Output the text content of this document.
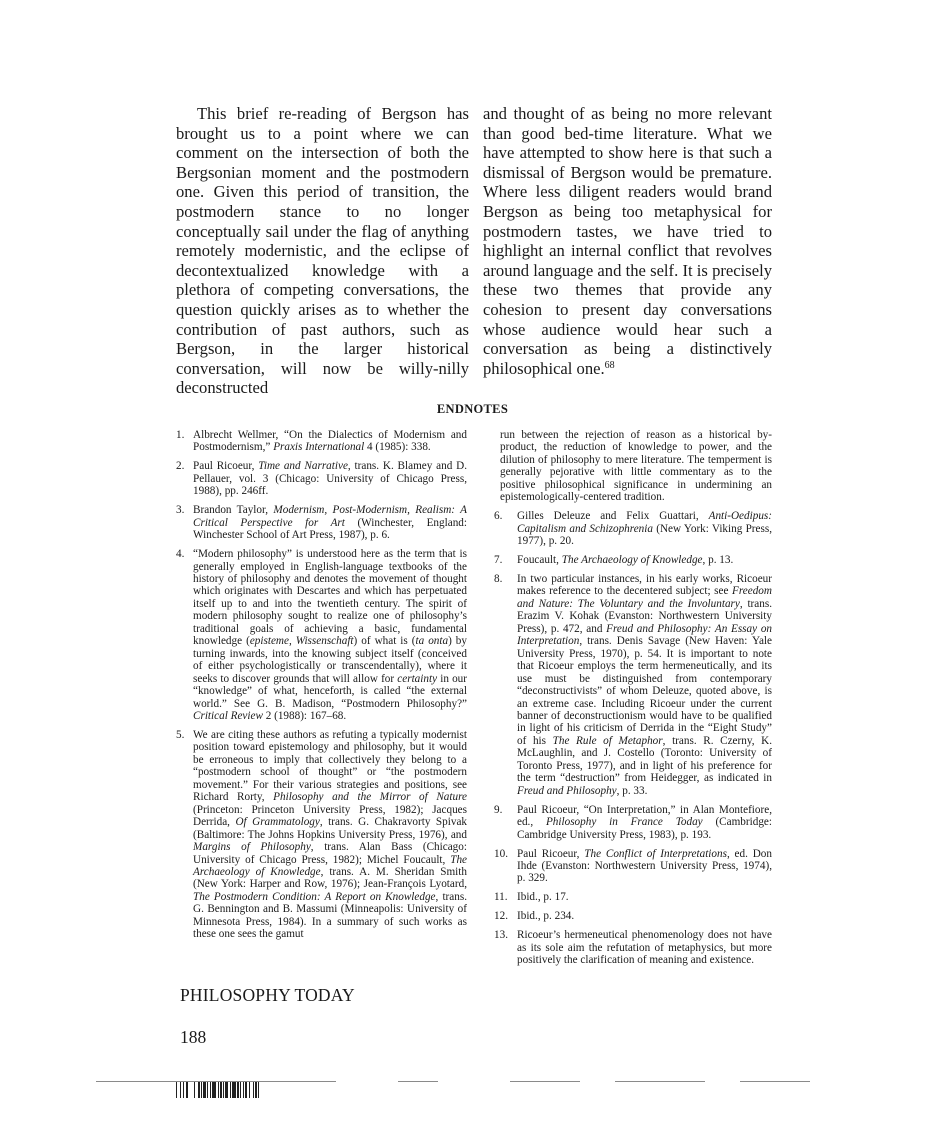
This brief re-reading of Bergson has brought us to a point where we can comment on the intersection of both the Bergsonian moment and the postmodern one. Given this period of transition, the postmodern stance to no longer conceptually sail under the flag of anything remotely modernistic, and the eclipse of decontextualized knowledge with a plethora of competing conversations, the question quickly arises as to whether the contribution of past authors, such as Bergson, in the larger historical conversation, will now be willy-nilly deconstructed

and thought of as being no more relevant than good bed-time literature. What we have attempted to show here is that such a dismissal of Bergson would be premature. Where less diligent readers would brand Bergson as being too metaphysical for postmodern tastes, we have tried to highlight an internal conflict that revolves around language and the self. It is precisely these two themes that provide any cohesion to present day conversations whose audience would hear such a conversation as being a distinctively philosophical one.$^{68}$

ENDNOTES
1. Albrecht Wellmer, “On the Dialectics of Modernism and Postmodernism,” Praxis International 4 (1985): 338.
2. Paul Ricoeur, Time and Narrative, trans. K. Blamey and D. Pellauer, vol. 3 (Chicago: University of Chicago Press, 1988), pp. 246ff.
3. Brandon Taylor, Modernism, Post-Modernism, Realism: A Critical Perspective for Art (Winchester, England: Winchester School of Art Press, 1987), p. 6.
4. “Modern philosophy” is understood here as the term that is generally employed in English-language textbooks of the history of philosophy and denotes the movement of thought which originates with Descartes and which has perpetuated itself up to and into the twentieth century. The spirit of modern philosophy sought to realize one of philosophy’s traditional goals of achieving a basic, fundamental knowledge (episteme, Wissenschaft) of what is (ta onta) by turning inwards, into the knowing subject itself (conceived of either psychologistically or transcendentally), where it seeks to discover grounds that will allow for certainty in our “knowledge” of what, henceforth, is called “the external world.” See G. B. Madison, “Postmodern Philosophy?” Critical Review 2 (1988): 167–68.
5. We are citing these authors as refuting a typically modernist position toward epistemology and philosophy, but it would be erroneous to imply that collectively they belong to a “postmodern school of thought” or “the postmodern movement.” For their various strategies and positions, see Richard Rorty, Philosophy and the Mirror of Nature (Princeton: Princeton University Press, 1982); Jacques Derrida, Of Grammatology, trans. G. Chakravorty Spivak (Baltimore: The Johns Hopkins University Press, 1976), and Margins of Philosophy, trans. Alan Bass (Chicago: University of Chicago Press, 1982); Michel Foucault, The Archaeology of Knowledge, trans. A. M. Sheridan Smith (New York: Harper and Row, 1976); Jean-François Lyotard, The Postmodern Condition: A Report on Knowledge, trans. G. Bennington and B. Massumi (Minneapolis: University of Minnesota Press, 1984). In a summary of such works as these one sees the gamut
run between the rejection of reason as a historical by-product, the reduction of knowledge to power, and the dilution of philosophy to mere literature. The temperment is generally pejorative with little commentary as to the positive philosophical significance in undermining an epistemologically-centered tradition.
6. Gilles Deleuze and Felix Guattari, Anti-Oedipus: Capitalism and Schizophrenia (New York: Viking Press, 1977), p. 20.
7. Foucault, The Archaeology of Knowledge, p. 13.
8. In two particular instances, in his early works, Ricoeur makes reference to the decentered subject; see Freedom and Nature: The Voluntary and the Involuntary, trans. Erazim V. Kohak (Evanston: Northwestern University Press), p. 472, and Freud and Philosophy: An Essay on Interpretation, trans. Denis Savage (New Haven: Yale University Press, 1970), p. 54. It is important to note that Ricoeur employs the term hermeneutically, and its use must be distinguished from contemporary “deconstructivists” of whom Deleuze, quoted above, is an extreme case. Including Ricoeur under the current banner of deconstructionism would have to be qualified in light of his criticism of Derrida in the “Eight Study” of his The Rule of Metaphor, trans. R. Czerny, K. McLaughlin, and J. Costello (Toronto: University of Toronto Press, 1977), and in light of his preference for the term “destruction” from Heidegger, as indicated in Freud and Philosophy, p. 33.
9. Paul Ricoeur, “On Interpretation,” in Alan Montefiore, ed., Philosophy in France Today (Cambridge: Cambridge University Press, 1983), p. 193.
10. Paul Ricoeur, The Conflict of Interpretations, ed. Don Ihde (Evanston: Northwestern University Press, 1974), p. 329.
11. Ibid., p. 17.
12. Ibid., p. 234.
13. Ricoeur’s hermeneutical phenomenology does not have as its sole aim the refutation of metaphysics, but more positively the clarification of meaning and existence.
PHILOSOPHY TODAY
188
